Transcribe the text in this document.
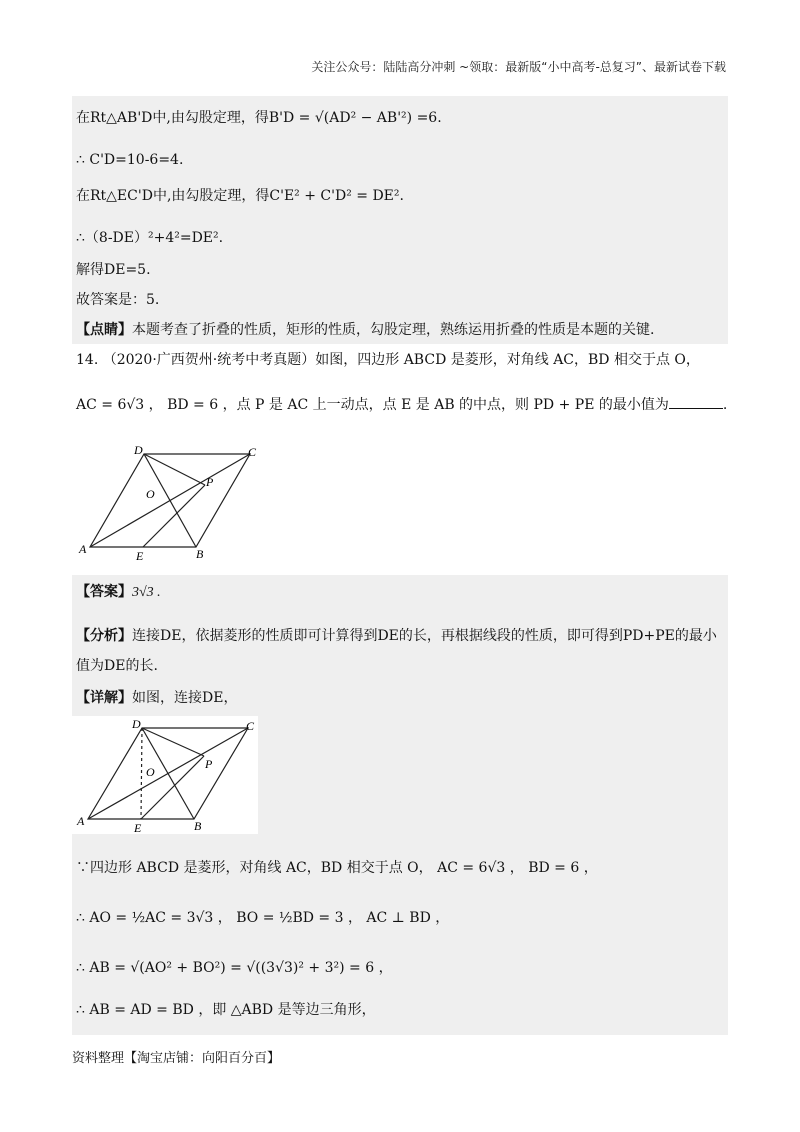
关注公众号：陆陆高分冲刺 ~领取：最新版“小中高考-总复习”、最新试卷下载
在Rt△AB'D中,由勾股定理，得B'D = √(AD² − AB'²) =6.
∴ C'D=10-6=4.
在Rt△EC'D中,由勾股定理，得C'E² + C'D² = DE².
∴（8-DE）²+4²=DE².
解得DE=5.
故答案是：5.
【点睛】本题考查了折叠的性质，矩形的性质，勾股定理，熟练运用折叠的性质是本题的关键.
14. （2020·广西贺州·统考中考真题）如图，四边形 ABCD 是菱形，对角线 AC，BD 相交于点 O，
AC = 6√3 ， BD = 6 ，点 P 是 AC 上一动点，点 E 是 AB 的中点，则 PD + PE 的最小值为	.
A	B
C
D
O
P
E
【答案】3√3 .
【分析】连接DE，依据菱形的性质即可计算得到DE的长，再根据线段的性质，即可得到PD+PE的最小
值为DE的长.
【详解】如图，连接DE，
A	B
C
D
O
P
E
∵四边形 ABCD 是菱形，对角线 AC，BD 相交于点 O， AC = 6√3 ， BD = 6 ，
∴ AO = ½AC = 3√3 ， BO = ½BD = 3 ， AC ⊥ BD ，
∴ AB = √(AO² + BO²) = √((3√3)² + 3²) = 6 ，
∴ AB = AD = BD ，即 △ABD 是等边三角形，
资料整理【淘宝店铺：向阳百分百】
